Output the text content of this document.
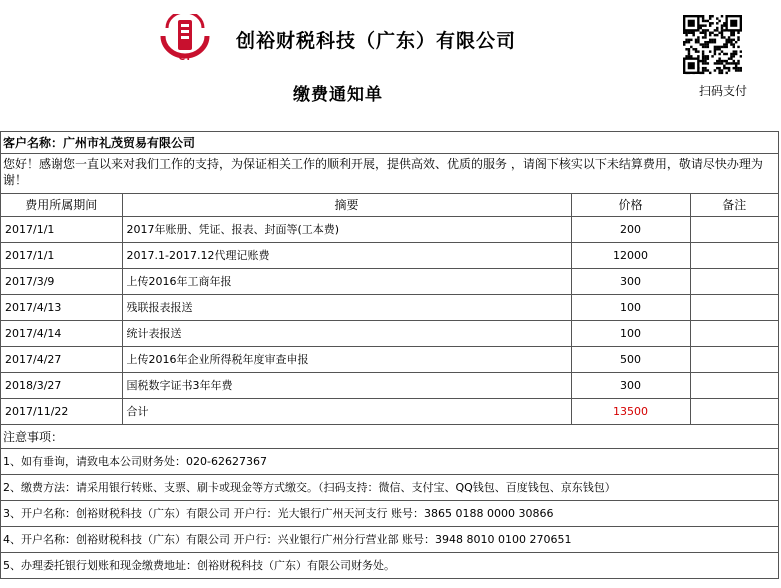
CY
创裕财税科技（广东）有限公司
缴费通知单	扫码支付
客户名称： 广州市礼茂贸易有限公司
您好！感谢您一直以来对我们工作的支持，为保证相关工作的顺利开展，提供高效、优质的服务 ，请阁下核实以下未结算费用，敬请尽快办理为谢！
费用所属期间	摘要	价格	备注
2017/1/1	2017年账册、凭证、报表、封面等(工本费)	200	
2017/1/1	2017.1-2017.12代理记账费	12000	
2017/3/9	上传2016年工商年报	300	
2017/4/13	残联报表报送	100	
2017/4/14	统计表报送	100	
2017/4/27	上传2016年企业所得税年度审查申报	500	
2018/3/27	国税数字证书3年年费	300	
2017/11/22	合计	13500	
注意事项：
1、如有垂询，请致电本公司财务处：020-62627367
2、缴费方法：请采用银行转账、支票、刷卡或现金等方式缴交。（扫码支持：微信、支付宝、QQ钱包、百度钱包、京东钱包）
3、开户名称：创裕财税科技（广东）有限公司 开户行：光大银行广州天河支行 账号：3865 0188 0000 30866
4、开户名称：创裕财税科技（广东）有限公司 开户行：兴业银行广州分行营业部 账号：3948 8010 0100 270651
5、办理委托银行划账和现金缴费地址：创裕财税科技（广东）有限公司财务处。
